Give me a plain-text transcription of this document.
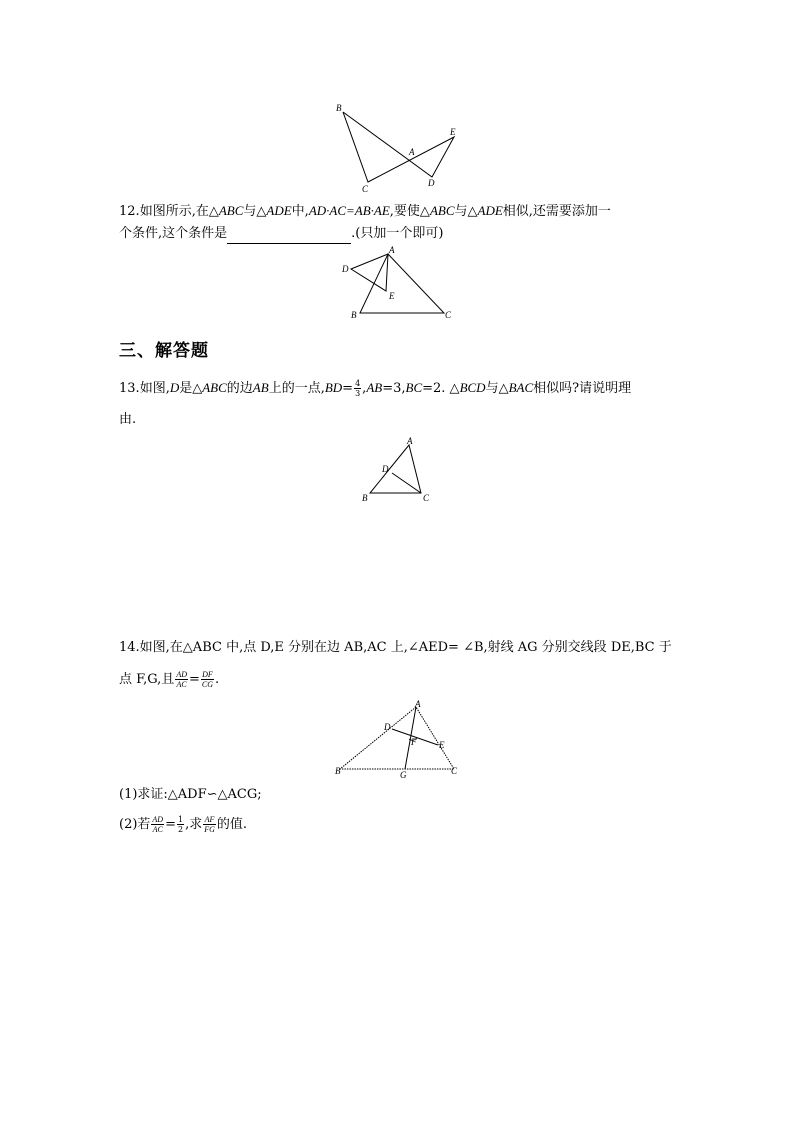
B
E
A
C
D
12.如图所示,在△ABC与△ADE中,AD·AC=AB·AE,要使△ABC与△ADE相似,还需要添加一
个条件,这个条件是	.(只加一个即可)
A
D
E
B	C
三、解答题
13.如图,D是△ABC的边AB上的一点$,BD= \frac{4}{3} ,AB=3,BC=2$. △BCD与△BAC相似吗?请说明理
由.
A
D
B	C
14.如图,在△ABC 中,点 D,E 分别在边 AB,AC 上,∠AED= ∠B,射线 AG 分别交线段 DE,BC 于
点 F,G,且 $\frac{AD}{AC} = \frac{DF}{CG}$ .
A
D
E
F
B	G	C
(1)求证:△ADF∽△ACG;
(2)若 $\frac{AD}{AC} = \frac{1}{2}$ ,求 $\frac{AF}{FG}$ 的值.
